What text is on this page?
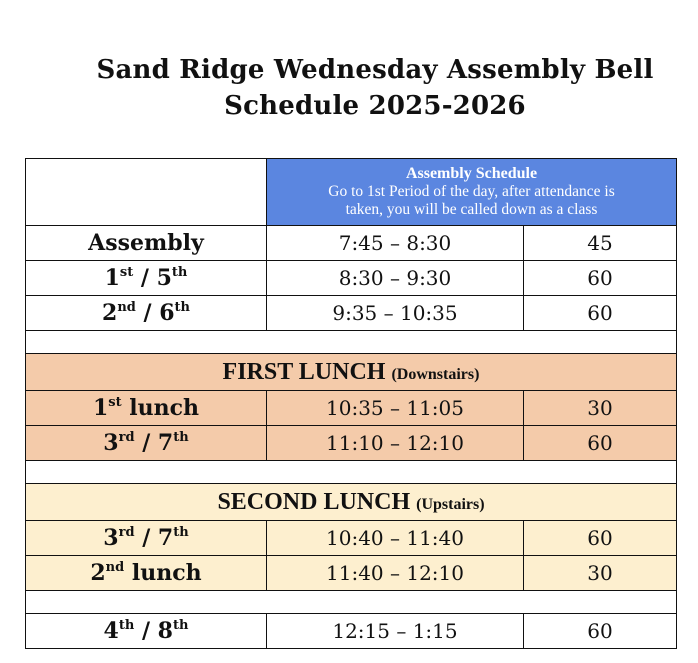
Sand Ridge Wednesday Assembly Bell
Schedule 2025-2026
	Assembly Schedule
Go to 1st Period of the day, after attendance is
taken, you will be called down as a class	
Assembly	7:45 – 8:30	45
1st / 5th	8:30 – 9:30	60
2nd / 6th	9:35 – 10:35	60

FIRST LUNCH (Downstairs)		
1st lunch	10:35 – 11:05	30
3rd / 7th	11:10 – 12:10	60

SECOND LUNCH (Upstairs)		
3rd / 7th	10:40 – 11:40	60
2nd lunch	11:40 – 12:10	30

4th / 8th	12:15 – 1:15	60
